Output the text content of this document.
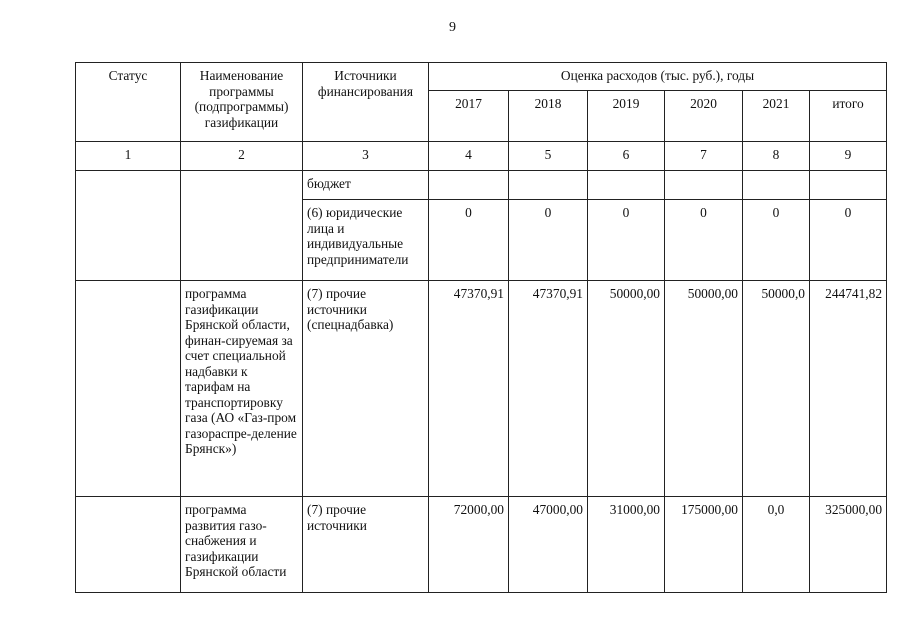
9
Статус	Наименование программы (подпрограммы) газификации	Источники финансирования	Оценка расходов (тыс. руб.), годы					
			2017	2018	2019	2020	2021	итого
1	2	3	4	5	6	7	8	9
		бюджет						
		(6) юридические лица и индивидуальные предприниматели	0	0	0	0	0	0
	программа газификации Брянской области, финан-сируемая за счет специальной надбавки к тарифам на транспортировку газа (АО «Газ-пром газораспре-деление Брянск»)	(7) прочие источники (спецнадбавка)	47370,91	47370,91	50000,00	50000,00	50000,0	244741,82
	программа развития газо-снабжения и газификации Брянской области	(7) прочие источники	72000,00	47000,00	31000,00	175000,00	0,0	325000,00
